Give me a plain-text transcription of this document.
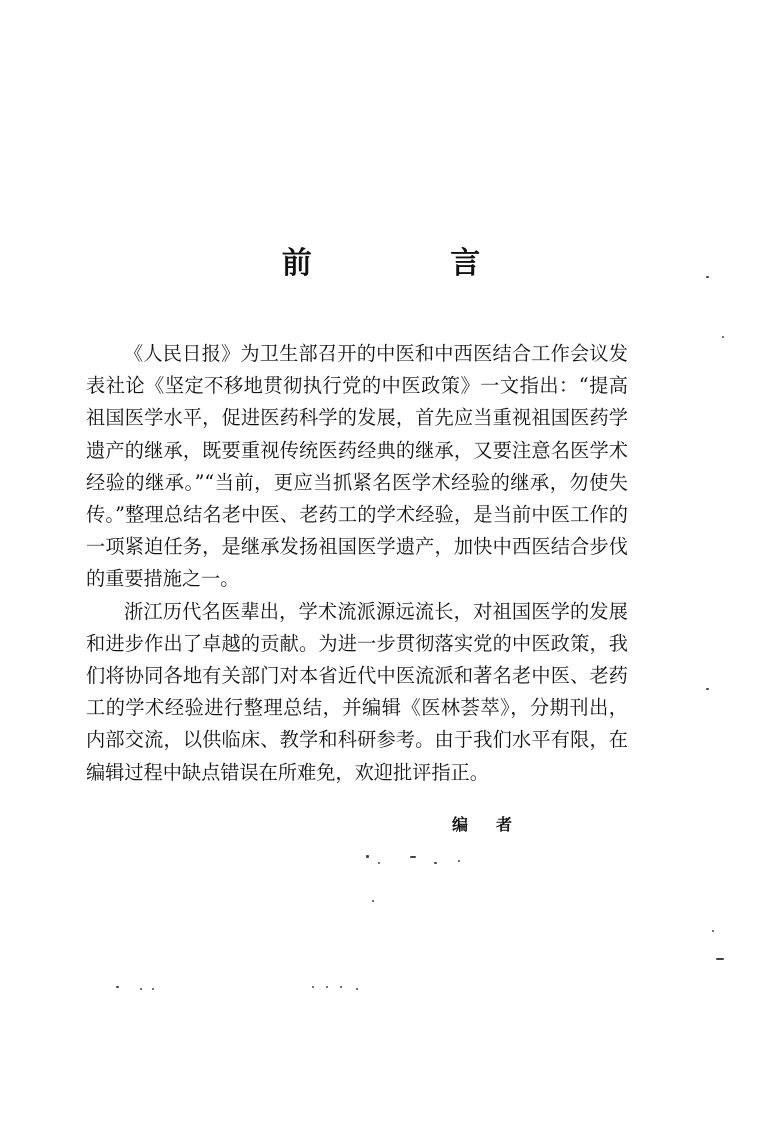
前 言

《人民日报》为卫生部召开的中医和中西医结合工作会议发表社论《坚定不移地贯彻执行党的中医政策》一文指出：“提高祖国医学水平，促进医药科学的发展，首先应当重视祖国医药学遗产的继承，既要重视传统医药经典的继承，又要注意名医学术经验的继承。”“当前，更应当抓紧名医学术经验的继承，勿使失传。”整理总结名老中医、老药工的学术经验，是当前中医工作的一项紧迫任务，是继承发扬祖国医学遗产，加快中西医结合步伐的重要措施之一。

浙江历代名医辈出，学术流派源远流长，对祖国医学的发展和进步作出了卓越的贡献。为进一步贯彻落实党的中医政策，我们将协同各地有关部门对本省近代中医流派和著名老中医、老药工的学术经验进行整理总结，并编辑《医林荟萃》，分期刊出，内部交流，以供临床、教学和科研参考。由于我们水平有限，在编辑过程中缺点错误在所难免，欢迎批评指正。

编者
